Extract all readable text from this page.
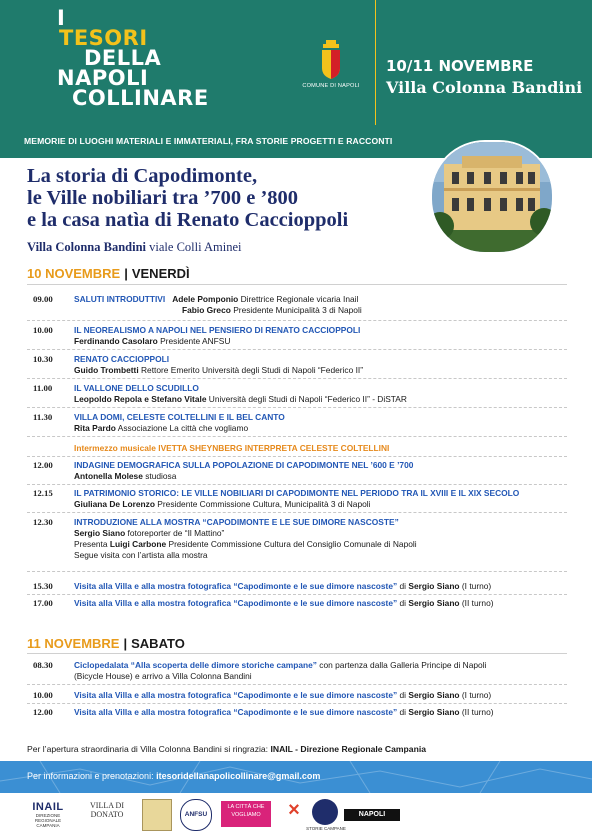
I
TESORI
DELLA
NAPOLI
COLLINARE	COMUNE DI NAPOLI
10/11 NOVEMBRE
Villa Colonna Bandini
MEMORIE DI LUOGHI MATERIALI E IMMATERIALI, FRA STORIE PROGETTI E RACCONTI
La storia di Capodimonte,
le Ville nobiliari tra ’700 e ’800
e la casa natìa di Renato Caccioppoli
Villa Colonna Bandini viale Colli Aminei
10 NOVEMBRE | VENERDÌ
09.00	SALUTI INTRODUTTIVI Adele Pomponio Direttrice Regionale vicaria Inail
Fabio Greco Presidente Municipalità 3 di Napoli
10.00	IL NEOREALISMO A NAPOLI NEL PENSIERO DI RENATO CACCIOPPOLI
Ferdinando Casolaro Presidente ANFSU
10.30	RENATO CACCIOPPOLI
Guido Trombetti Rettore Emerito Università degli Studi di Napoli “Federico II”
11.00	IL VALLONE DELLO SCUDILLO
Leopoldo Repola e Stefano Vitale Università degli Studi di Napoli “Federico II” - DiSTAR
11.30	VILLA DOMI, CELESTE COLTELLINI E IL BEL CANTO
Rita Pardo Associazione La città che vogliamo
Intermezzo musicale IVETTA SHEYNBERG INTERPRETA CELESTE COLTELLINI
12.00	INDAGINE DEMOGRAFICA SULLA POPOLAZIONE DI CAPODIMONTE NEL ’600 E ’700
Antonella Molese studiosa
12.15	IL PATRIMONIO STORICO: LE VILLE NOBILIARI DI CAPODIMONTE NEL PERIODO TRA IL XVIII E IL XIX SECOLO
Giuliana De Lorenzo Presidente Commissione Cultura, Municipalità 3 di Napoli
12.30	INTRODUZIONE ALLA MOSTRA “CAPODIMONTE E LE SUE DIMORE NASCOSTE”
Sergio Siano fotoreporter de “Il Mattino”
Presenta Luigi Carbone Presidente Commissione Cultura del Consiglio Comunale di Napoli
Segue visita con l’artista alla mostra
15.30	Visita alla Villa e alla mostra fotografica “Capodimonte e le sue dimore nascoste” di Sergio Siano (I turno)
17.00	Visita alla Villa e alla mostra fotografica “Capodimonte e le sue dimore nascoste” di Sergio Siano (II turno)
11 NOVEMBRE | SABATO
08.30	Ciclopedalata “Alla scoperta delle dimore storiche campane” con partenza dalla Galleria Principe di Napoli
(Bicycle House) e arrivo a Villa Colonna Bandini
10.00	Visita alla Villa e alla mostra fotografica “Capodimonte e le sue dimore nascoste” di Sergio Siano (I turno)
12.00	Visita alla Villa e alla mostra fotografica “Capodimonte e le sue dimore nascoste” di Sergio Siano (II turno)
Per l’apertura straordinaria di Villa Colonna Bandini si ringrazia: INAIL - Direzione Regionale Campania
Per informazioni e prenotazioni: itesoridellanapolicollinare@gmail.com
INAIL
DIREZIONE REGIONALE CAMPANIA
VILLA DI DONATO	ANFSU
LA CITTÀ CHE VOGLIAMO	×
STORIE CAMPANE
NAPOLI PEDALA!
